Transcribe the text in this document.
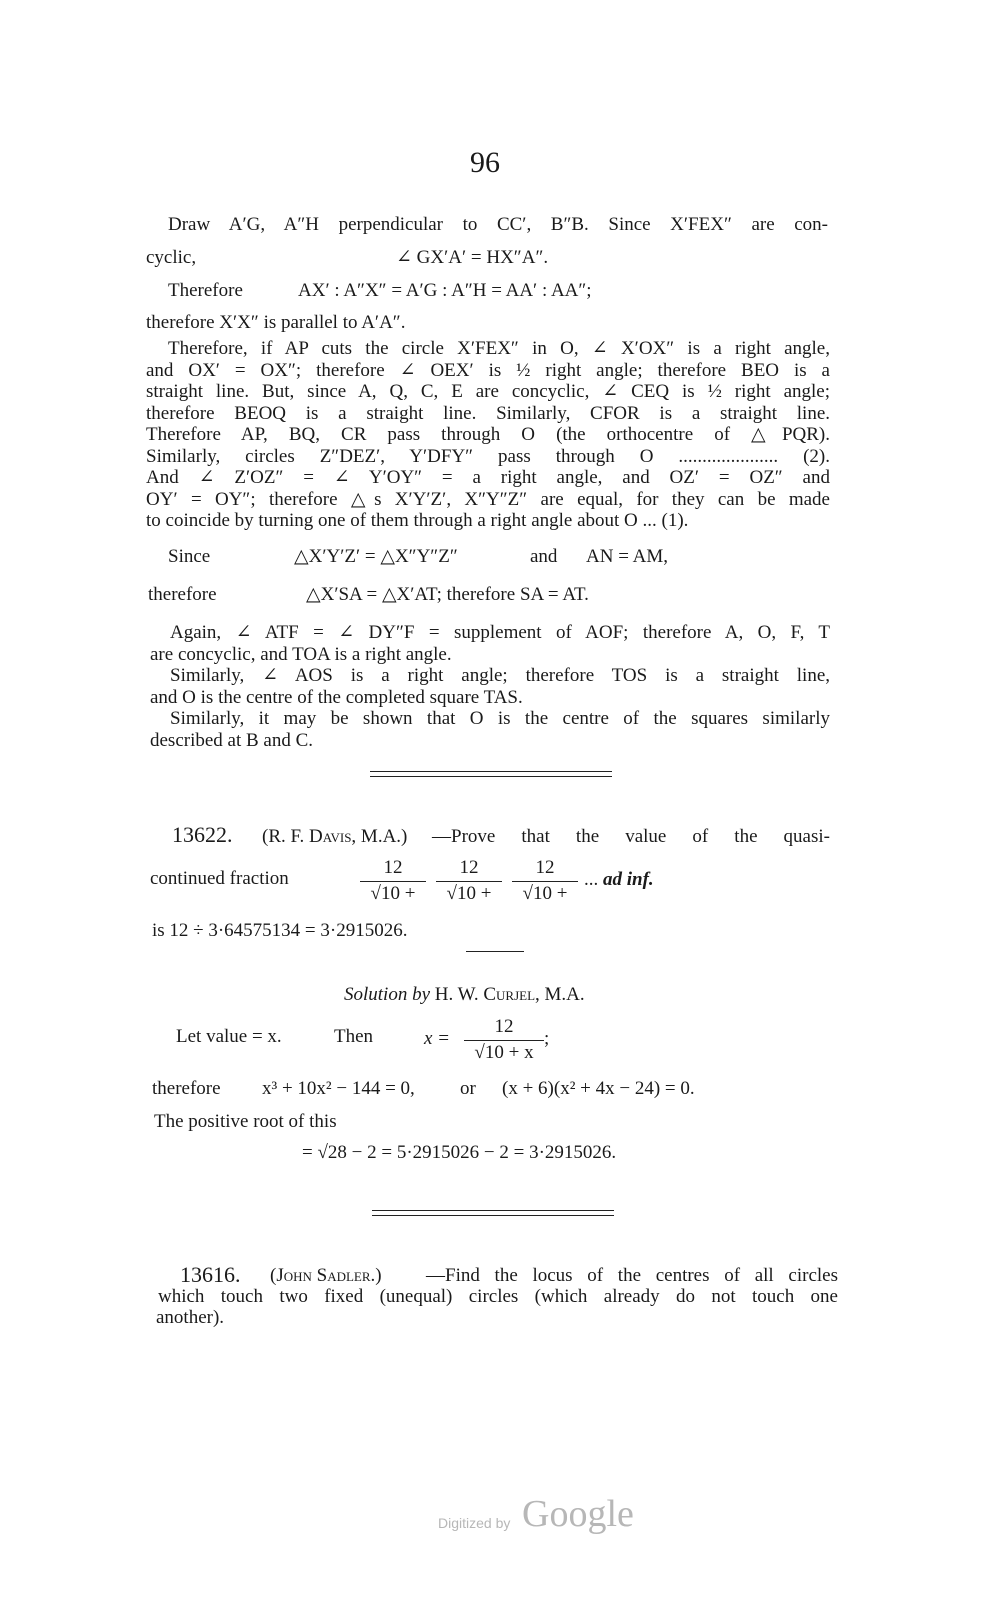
96
Draw A′G, A″H perpendicular to CC′, B″B. Since X′FEX″ are con-
cyclic,	∠ GX′A′ = HX″A″.
Therefore	AX′ : A″X″ = A′G : A″H = AA′ : AA″;
therefore X′X″ is parallel to A′A″.
Therefore, if AP cuts the circle X′FEX″ in O, ∠ X′OX″ is a right angle,
and OX′ = OX″; therefore ∠ OEX′ is ½ right angle; therefore BEO is a
straight line. But, since A, Q, C, E are concyclic, ∠ CEQ is ½ right angle;
therefore BEOQ is a straight line. Similarly, CFOR is a straight line.
Therefore AP, BQ, CR pass through O (the orthocentre of △PQR).
Similarly, circles Z″DEZ′, Y′DFY″ pass through O ..................... (2).
And ∠ Z′OZ″ = ∠ Y′OY″ = a right angle, and OZ′ = OZ″ and
OY′ = OY″; therefore △s X′Y′Z′, X″Y″Z″ are equal, for they can be made
to coincide by turning one of them through a right angle about O ... (1).
Since	△X′Y′Z′ = △X″Y″Z″	and AN = AM,
therefore	△X′SA = △X′AT; therefore SA = AT.
Again, ∠ ATF = ∠ DY″F = supplement of AOF; therefore A, O, F, T
are concyclic, and TOA is a right angle.
Similarly, ∠ AOS is a right angle; therefore TOS is a straight line,
and O is the centre of the completed square TAS.
Similarly, it may be shown that O is the centre of the squares similarly
described at B and C.
13622. (R. F. Davis, M.A.) —Prove that the value of the quasi-
continued fraction
12
√10 +
12
√10 +
12
√10 +
... ad inf.
is 12 ÷ 3·64575134 = 3·2915026.
Solution by H. W. Curjel, M.A.
Let value = x.	Then	x =
12
√10 + x
;
therefore x³ + 10x² − 144 = 0, or (x + 6)(x² + 4x − 24) = 0.
The positive root of this
= √28 − 2 = 5·2915026 − 2 = 3·2915026.
13616. (John Sadler.) —Find the locus of the centres of all circles
which touch two fixed (unequal) circles (which already do not touch one
another).
Digitized by Google
